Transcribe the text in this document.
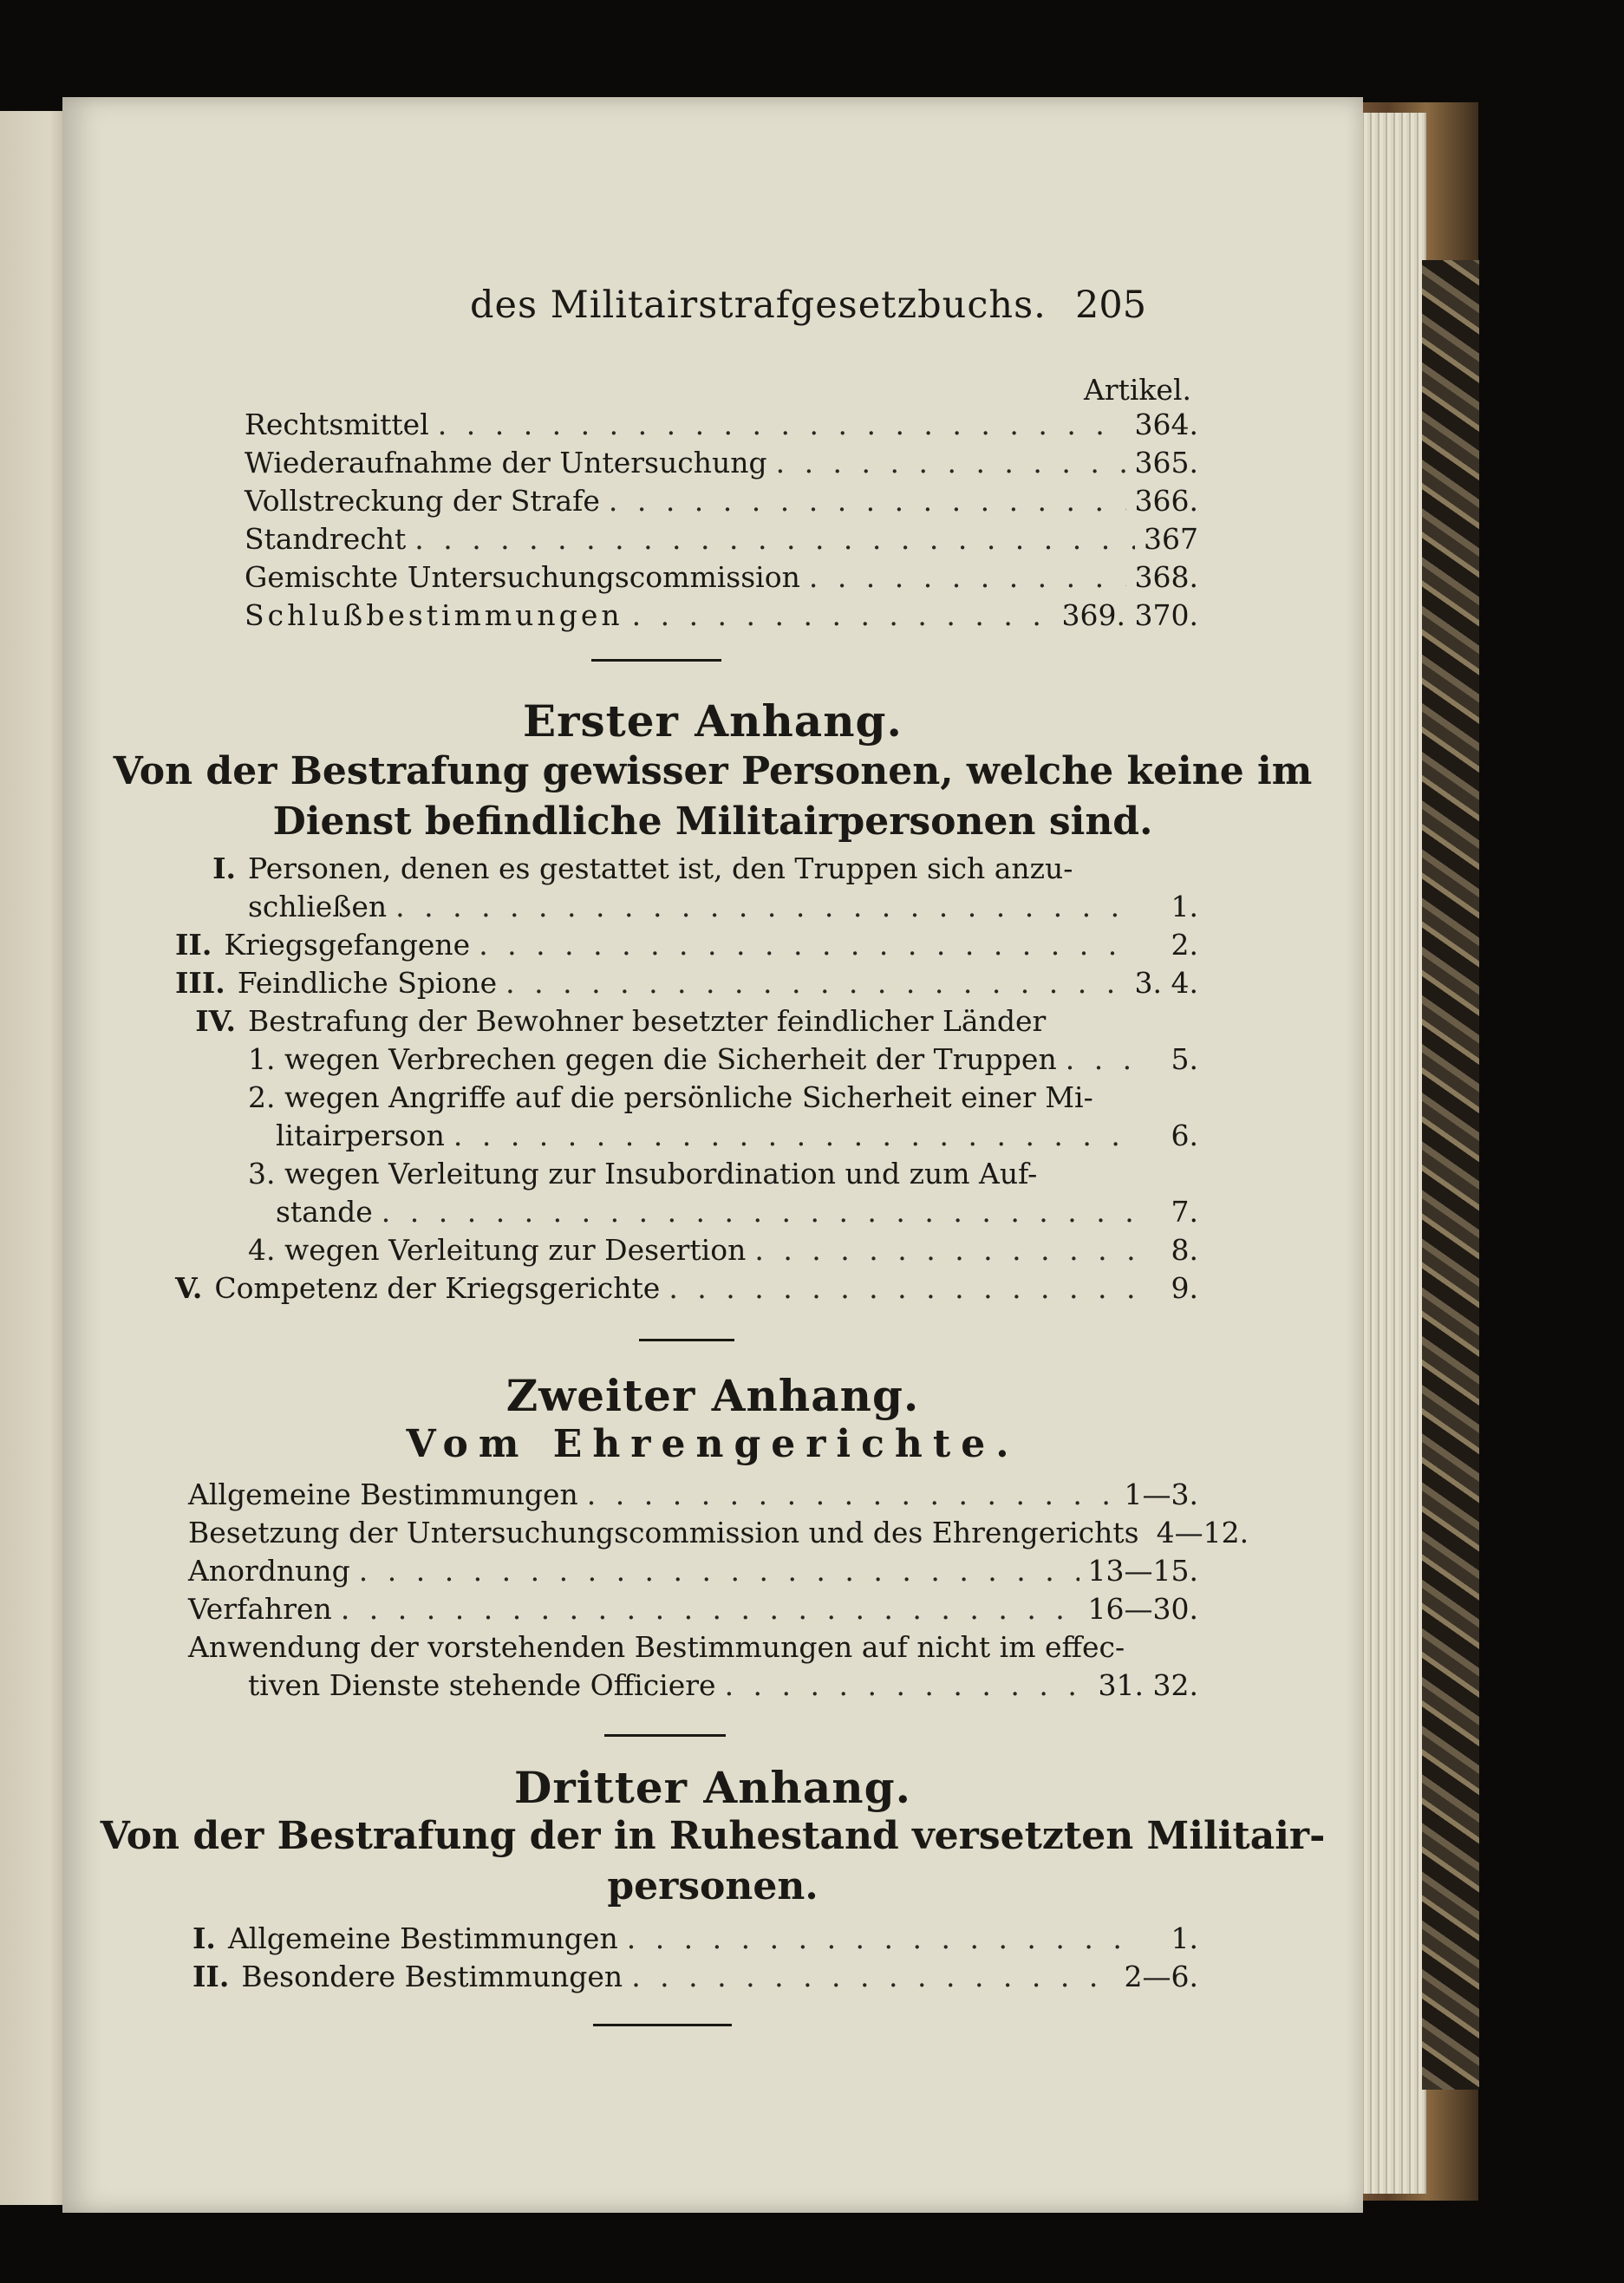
des Militairstrafgesetzbuchs. 205
Artikel.
Rechtsmittel . . .	364.
Wiederaufnahme der Untersuchung . . .	365.
Vollstreckung der Strafe . . .	366.
Standrecht . . .	367
Gemischte Untersuchungscommission . . .	368.
Schlußbestimmungen . . .	369. 370.
Erster Anhang.
Von der Bestrafung gewisser Personen, welche keine im
Dienst befindliche Militairpersonen sind.
I. Personen, denen es gestattet ist, den Truppen sich anzu-
schließen . . .	1.
II. Kriegsgefangene . . .	2.
III. Feindliche Spione . . .	3. 4.
IV. Bestrafung der Bewohner besetzter feindlicher Länder
1. wegen Verbrechen gegen die Sicherheit der Truppen . . .	5.
2. wegen Angriffe auf die persönliche Sicherheit einer Mi-
litairperson . . .	6.
3. wegen Verleitung zur Insubordination und zum Auf-
stande . . .	7.
4. wegen Verleitung zur Desertion . . .	8.
V. Competenz der Kriegsgerichte . . .	9.
Zweiter Anhang.
Vom Ehrengerichte.
Allgemeine Bestimmungen . . .	1—3.
Besetzung der Untersuchungscommission und des Ehrengerichts 4—12.
Anordnung . . .	13—15.
Verfahren . . .	16—30.
Anwendung der vorstehenden Bestimmungen auf nicht im effec-
tiven Dienste stehende Officiere . . .	31. 32.
Dritter Anhang.
Von der Bestrafung der in Ruhestand versetzten Militair-
personen.
I. Allgemeine Bestimmungen . . .	1.
II. Besondere Bestimmungen . . .	2—6.
